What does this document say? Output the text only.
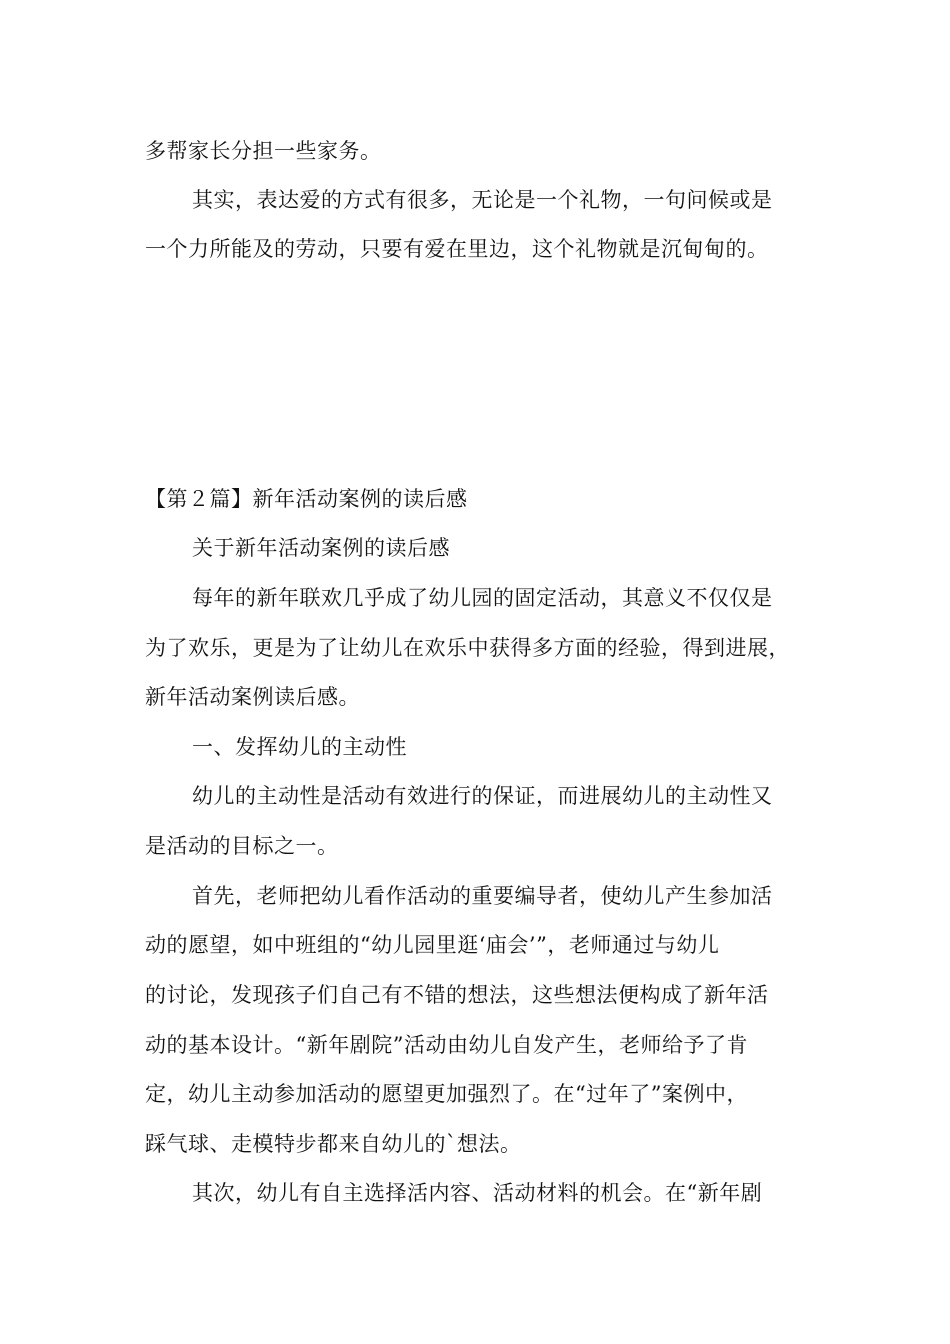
多帮家长分担一些家务。
其实，表达爱的方式有很多，无论是一个礼物，一句问候或是
一个力所能及的劳动，只要有爱在里边，这个礼物就是沉甸甸的。
【第２篇】新年活动案例的读后感
关于新年活动案例的读后感
每年的新年联欢几乎成了幼儿园的固定活动，其意义不仅仅是
为了欢乐，更是为了让幼儿在欢乐中获得多方面的经验，得到进展，
新年活动案例读后感。
一、发挥幼儿的主动性
幼儿的主动性是活动有效进行的保证，而进展幼儿的主动性又
是活动的目标之一。
首先，老师把幼儿看作活动的重要编导者，使幼儿产生参加活
动的愿望，如中班组的“幼儿园里逛‘庙会’”，老师通过与幼儿
的讨论，发现孩子们自己有不错的想法，这些想法便构成了新年活
动的基本设计。“新年剧院”活动由幼儿自发产生，老师给予了肯
定，幼儿主动参加活动的愿望更加强烈了。在“过年了”案例中，
踩气球、走模特步都来自幼儿的`想法。
其次，幼儿有自主选择活内容、活动材料的机会。在“新年剧
